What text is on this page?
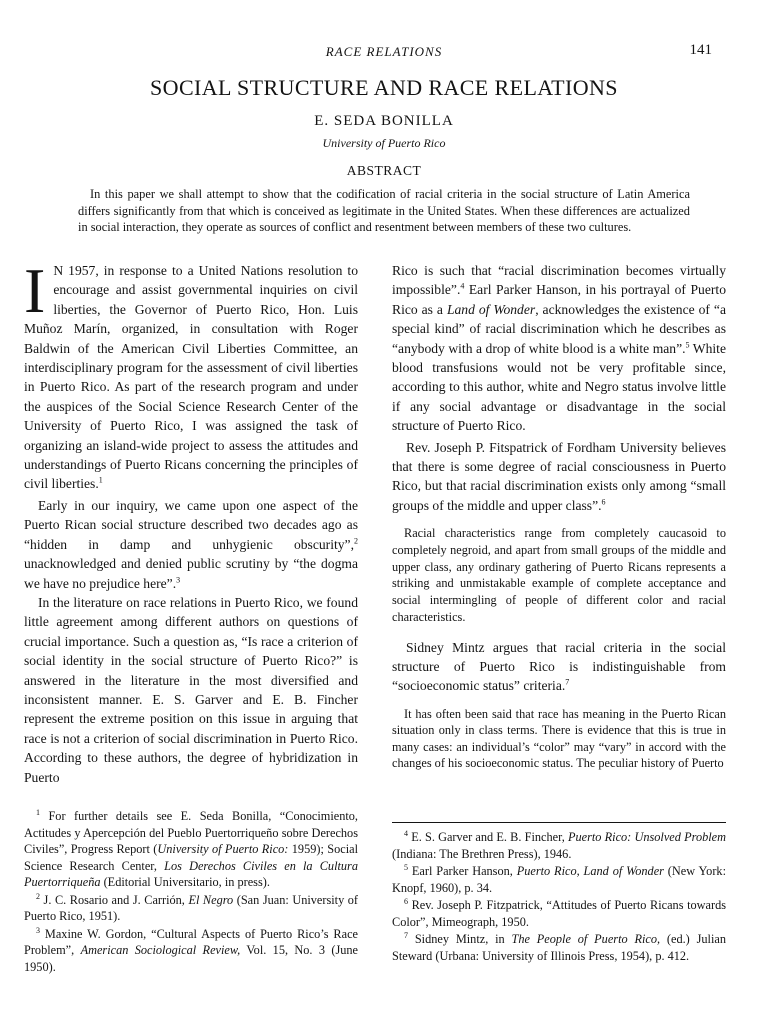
RACE RELATIONS	141
SOCIAL STRUCTURE AND RACE RELATIONS
E. SEDA BONILLA
University of Puerto Rico
ABSTRACT
In this paper we shall attempt to show that the codification of racial criteria in the social structure of Latin America differs significantly from that which is conceived as legitimate in the United States. When these differences are actualized in social interaction, they operate as sources of conflict and resentment between members of these two cultures.

I N 1957, in response to a United Nations resolution to encourage and assist governmental inquiries on civil liberties, the Governor of Puerto Rico, Hon. Luis Muñoz Marín, organized, in consultation with Roger Baldwin of the American Civil Liberties Committee, an interdisciplinary program for the assessment of civil liberties in Puerto Rico. As part of the research program and under the auspices of the Social Science Research Center of the University of Puerto Rico, I was assigned the task of organizing an island-wide project to assess the attitudes and understandings of Puerto Ricans concerning the principles of civil liberties.$^1$

Early in our inquiry, we came upon one aspect of the Puerto Rican social structure described two decades ago as “hidden in damp and unhygienic obscurity”,$^2$ unacknowledged and denied public scrutiny by “the dogma we have no prejudice here”.$^3$

In the literature on race relations in Puerto Rico, we found little agreement among different authors on questions of crucial importance. Such a question as, “Is race a criterion of social identity in the social structure of Puerto Rico?” is answered in the literature in the most diversified and inconsistent manner. E. S. Garver and E. B. Fincher represent the extreme position on this issue in arguing that race is not a criterion of social discrimination in Puerto Rico. According to these authors, the degree of hybridization in Puerto

$^1$ For further details see E. Seda Bonilla, “Conocimiento, Actitudes y Apercepción del Pueblo Puertorriqueño sobre Derechos Civiles”, Progress Report (University of Puerto Rico: 1959); Social Science Research Center, Los Derechos Civiles en la Cultura Puertorriqueña (Editorial Universitario, in press).

$^2$ J. C. Rosario and J. Carrión, El Negro (San Juan: University of Puerto Rico, 1951).

$^3$ Maxine W. Gordon, “Cultural Aspects of Puerto Rico’s Race Problem”, American Sociological Review, Vol. 15, No. 3 (June 1950).

Rico is such that “racial discrimination becomes virtually impossible”.$^4$ Earl Parker Hanson, in his portrayal of Puerto Rico as a Land of Wonder, acknowledges the existence of “a special kind” of racial discrimination which he describes as “anybody with a drop of white blood is a white man”.$^5$ White blood transfusions would not be very profitable since, according to this author, white and Negro status involve little if any social advantage or disadvantage in the social structure of Puerto Rico.

Rev. Joseph P. Fitspatrick of Fordham University believes that there is some degree of racial consciousness in Puerto Rico, but that racial discrimination exists only among “small groups of the middle and upper class”.$^6$

Racial characteristics range from completely caucasoid to completely negroid, and apart from small groups of the middle and upper class, any ordinary gathering of Puerto Ricans represents a striking and unmistakable example of complete acceptance and social intermingling of people of different color and racial characteristics.

Sidney Mintz argues that racial criteria in the social structure of Puerto Rico is indistinguishable from “socioeconomic status” criteria.$^7$

It has often been said that race has meaning in the Puerto Rican situation only in class terms. There is evidence that this is true in many cases: an individual’s “color” may “vary” in accord with the changes of his socioeconomic status. The peculiar history of Puerto

$^4$ E. S. Garver and E. B. Fincher, Puerto Rico: Unsolved Problem (Indiana: The Brethren Press), 1946.

$^5$ Earl Parker Hanson, Puerto Rico, Land of Wonder (New York: Knopf, 1960), p. 34.

$^6$ Rev. Joseph P. Fitzpatrick, “Attitudes of Puerto Ricans towards Color”, Mimeograph, 1950.

$^7$ Sidney Mintz, in The People of Puerto Rico, (ed.) Julian Steward (Urbana: University of Illinois Press, 1954), p. 412.
